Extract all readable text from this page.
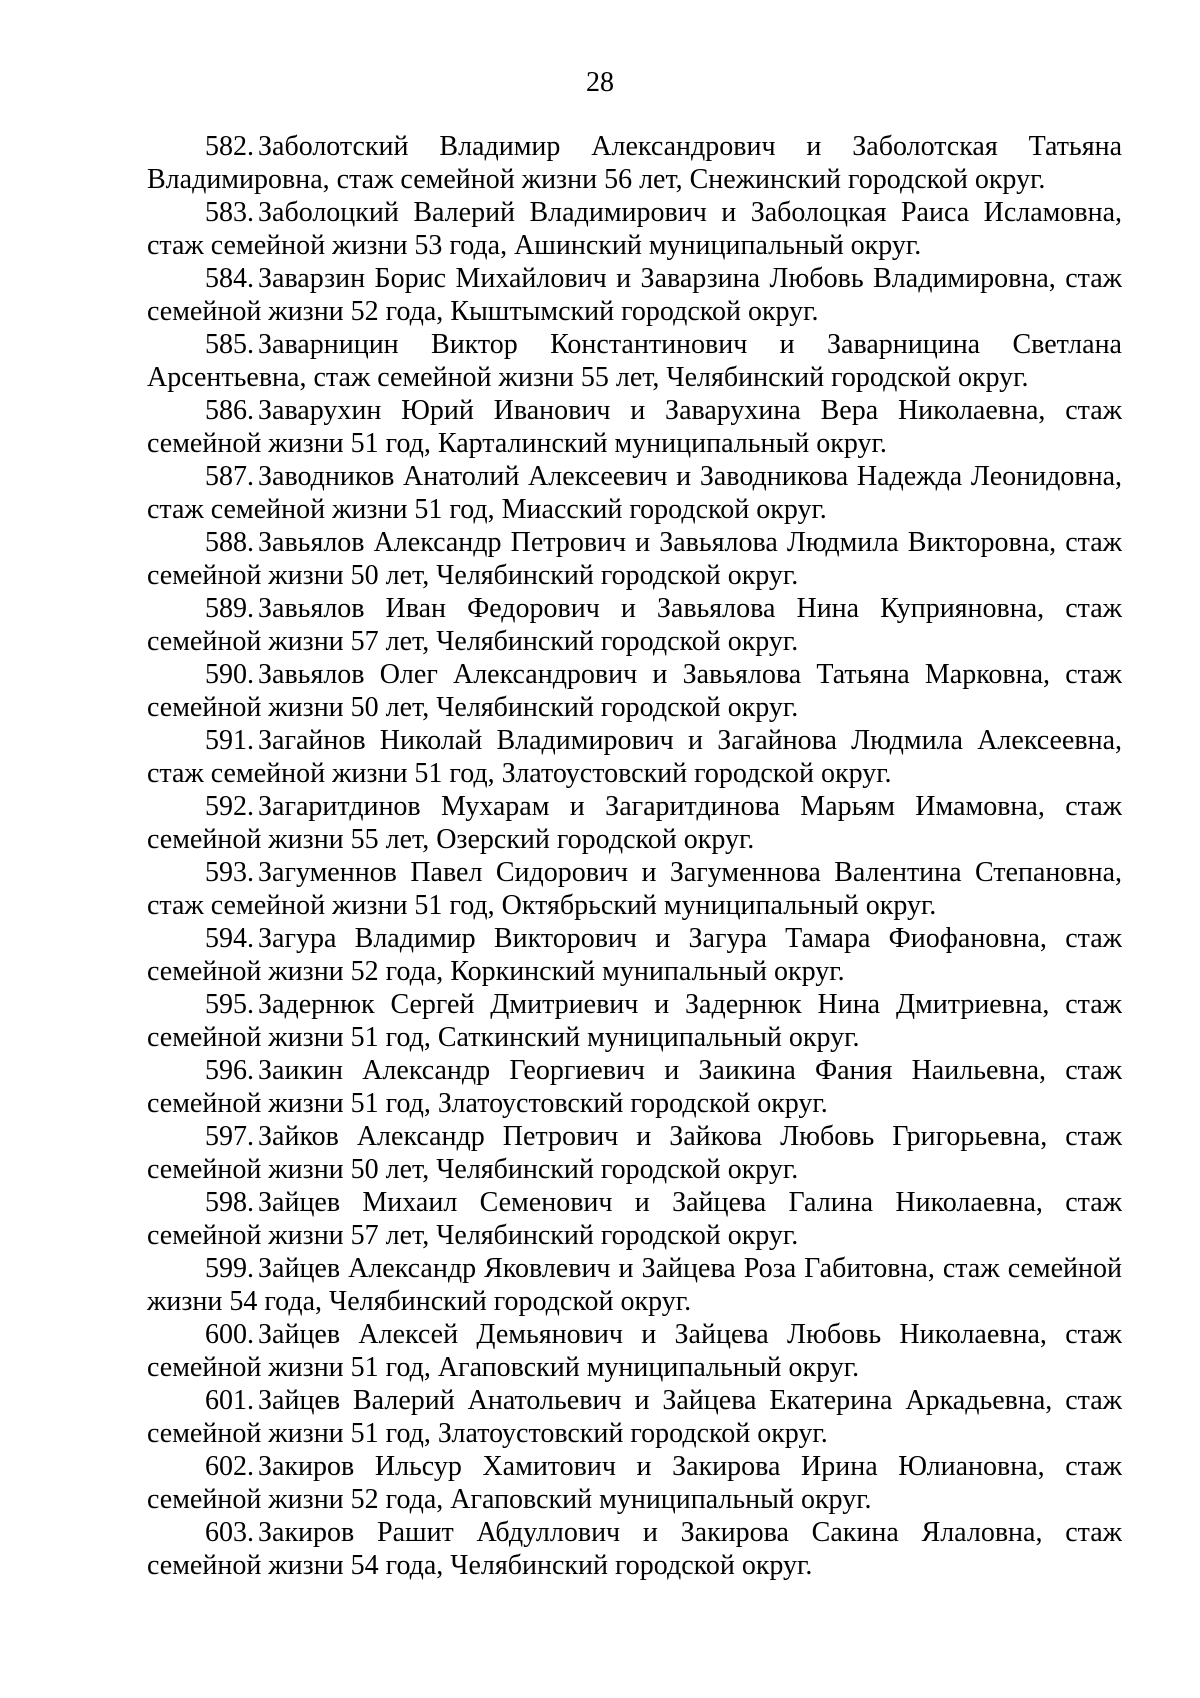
28
582. Заболотский Владимир Александрович и Заболотская Татьяна Владимировна, стаж семейной жизни 56 лет, Снежинский городской округ.
583. Заболоцкий Валерий Владимирович и Заболоцкая Раиса Исламовна, стаж семейной жизни 53 года, Ашинский муниципальный округ.
584. Заварзин Борис Михайлович и Заварзина Любовь Владимировна, стаж семейной жизни 52 года, Кыштымский городской округ.
585. Заварницин Виктор Константинович и Заварницина Светлана Арсентьевна, стаж семейной жизни 55 лет, Челябинский городской округ.
586. Заварухин Юрий Иванович и Заварухина Вера Николаевна, стаж семейной жизни 51 год, Карталинский муниципальный округ.
587. Заводников Анатолий Алексеевич и Заводникова Надежда Леонидовна, стаж семейной жизни 51 год, Миасский городской округ.
588. Завьялов Александр Петрович и Завьялова Людмила Викторовна, стаж семейной жизни 50 лет, Челябинский городской округ.
589. Завьялов Иван Федорович и Завьялова Нина Куприяновна, стаж семейной жизни 57 лет, Челябинский городской округ.
590. Завьялов Олег Александрович и Завьялова Татьяна Марковна, стаж семейной жизни 50 лет, Челябинский городской округ.
591. Загайнов Николай Владимирович и Загайнова Людмила Алексеевна, стаж семейной жизни 51 год, Златоустовский городской округ.
592. Загаритдинов Мухарам и Загаритдинова Марьям Имамовна, стаж семейной жизни 55 лет, Озерский городской округ.
593. Загуменнов Павел Сидорович и Загуменнова Валентина Степановна, стаж семейной жизни 51 год, Октябрьский муниципальный округ.
594. Загура Владимир Викторович и Загура Тамара Фиофановна, стаж семейной жизни 52 года, Коркинский мунипальный округ.
595. Задернюк Сергей Дмитриевич и Задернюк Нина Дмитриевна, стаж семейной жизни 51 год, Саткинский муниципальный округ.
596. Заикин Александр Георгиевич и Заикина Фания Наильевна, стаж семейной жизни 51 год, Златоустовский городской округ.
597. Зайков Александр Петрович и Зайкова Любовь Григорьевна, стаж семейной жизни 50 лет, Челябинский городской округ.
598. Зайцев Михаил Семенович и Зайцева Галина Николаевна, стаж семейной жизни 57 лет, Челябинский городской округ.
599. Зайцев Александр Яковлевич и Зайцева Роза Габитовна, стаж семейной жизни 54 года, Челябинский городской округ.
600. Зайцев Алексей Демьянович и Зайцева Любовь Николаевна, стаж семейной жизни 51 год, Агаповский муниципальный округ.
601. Зайцев Валерий Анатольевич и Зайцева Екатерина Аркадьевна, стаж семейной жизни 51 год, Златоустовский городской округ.
602. Закиров Ильсур Хамитович и Закирова Ирина Юлиановна, стаж семейной жизни 52 года, Агаповский муниципальный округ.
603. Закиров Рашит Абдуллович и Закирова Сакина Ялаловна, стаж семейной жизни 54 года, Челябинский городской округ.
